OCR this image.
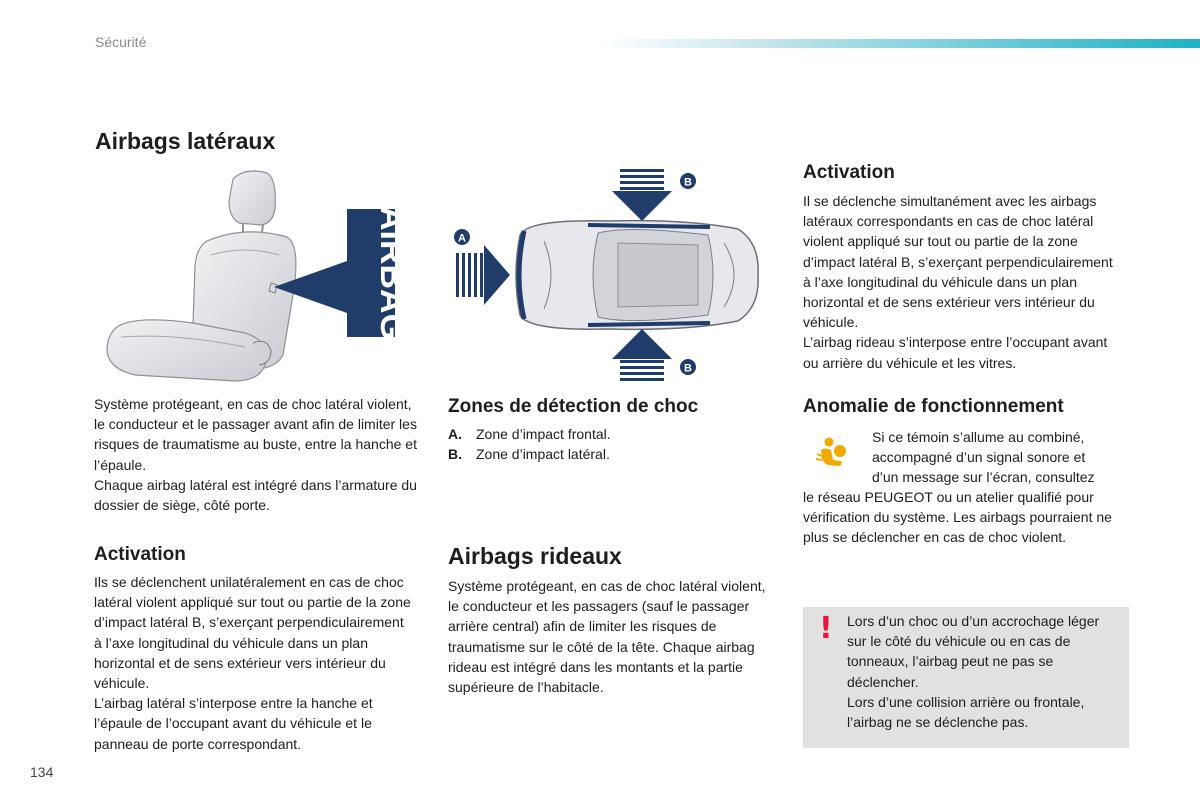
Sécurité
Airbags latéraux
AIRBAG

Système protégeant, en cas de choc latéral violent, le conducteur et le passager avant afin de limiter les risques de traumatisme au buste, entre la hanche et l’épaule.

Chaque airbag latéral est intégré dans l’armature du dossier de siège, côté porte.

Activation

Ils se déclenchent unilatéralement en cas de choc latéral violent appliqué sur tout ou partie de la zone d’impact latéral B, s’exerçant perpendiculairement à l’axe longitudinal du véhicule dans un plan horizontal et de sens extérieur vers intérieur du véhicule.

L’airbag latéral s’interpose entre la hanche et l’épaule de l’occupant avant du véhicule et le panneau de porte correspondant.

A
B
B
Zones de détection de choc
A.	Zone d’impact frontal.
B.	Zone d’impact latéral.
Airbags rideaux
Système protégeant, en cas de choc latéral violent, le conducteur et les passagers (sauf le passager arrière central) afin de limiter les risques de traumatisme sur le côté de la tête. Chaque airbag rideau est intégré dans les montants et la partie supérieure de l’habitacle.
Activation

Il se déclenche simultanément avec les airbags latéraux correspondants en cas de choc latéral violent appliqué sur tout ou partie de la zone d’impact latéral B, s’exerçant perpendiculairement à l’axe longitudinal du véhicule dans un plan horizontal et de sens extérieur vers intérieur du véhicule.

L’airbag rideau s’interpose entre l’occupant avant ou arrière du véhicule et les vitres.

Anomalie de fonctionnement

Si ce témoin s’allume au combiné,

accompagné d’un signal sonore et

d’un message sur l’écran, consultez

le réseau PEUGEOT ou un atelier qualifié pour vérification du système. Les airbags pourraient ne plus se déclencher en cas de choc violent.
! Lors d’un choc ou d’un accrochage léger sur le côté du véhicule ou en cas de tonneaux, l’airbag peut ne pas se déclencher.

Lors d’une collision arrière ou frontale, l’airbag ne se déclenche pas.

134
